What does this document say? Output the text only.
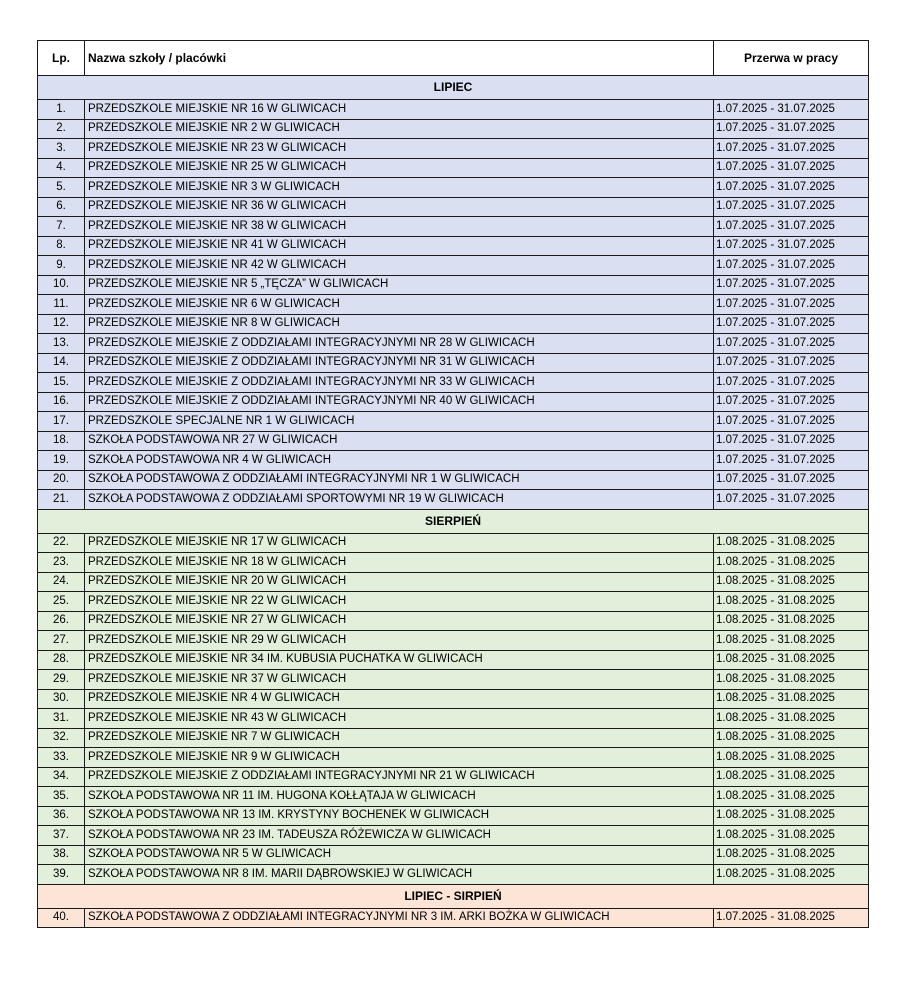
Lp.	Nazwa szkoły / placówki	Przerwa w pracy
LIPIEC		
1.	PRZEDSZKOLE MIEJSKIE NR 16 W GLIWICACH	1.07.2025 - 31.07.2025
2.	PRZEDSZKOLE MIEJSKIE NR 2 W GLIWICACH	1.07.2025 - 31.07.2025
3.	PRZEDSZKOLE MIEJSKIE NR 23 W GLIWICACH	1.07.2025 - 31.07.2025
4.	PRZEDSZKOLE MIEJSKIE NR 25 W GLIWICACH	1.07.2025 - 31.07.2025
5.	PRZEDSZKOLE MIEJSKIE NR 3 W GLIWICACH	1.07.2025 - 31.07.2025
6.	PRZEDSZKOLE MIEJSKIE NR 36 W GLIWICACH	1.07.2025 - 31.07.2025
7.	PRZEDSZKOLE MIEJSKIE NR 38 W GLIWICACH	1.07.2025 - 31.07.2025
8.	PRZEDSZKOLE MIEJSKIE NR 41 W GLIWICACH	1.07.2025 - 31.07.2025
9.	PRZEDSZKOLE MIEJSKIE NR 42 W GLIWICACH	1.07.2025 - 31.07.2025
10.	PRZEDSZKOLE MIEJSKIE NR 5 „TĘCZA” W GLIWICACH	1.07.2025 - 31.07.2025
11.	PRZEDSZKOLE MIEJSKIE NR 6 W GLIWICACH	1.07.2025 - 31.07.2025
12.	PRZEDSZKOLE MIEJSKIE NR 8 W GLIWICACH	1.07.2025 - 31.07.2025
13.	PRZEDSZKOLE MIEJSKIE Z ODDZIAŁAMI INTEGRACYJNYMI NR 28 W GLIWICACH	1.07.2025 - 31.07.2025
14.	PRZEDSZKOLE MIEJSKIE Z ODDZIAŁAMI INTEGRACYJNYMI NR 31 W GLIWICACH	1.07.2025 - 31.07.2025
15.	PRZEDSZKOLE MIEJSKIE Z ODDZIAŁAMI INTEGRACYJNYMI NR 33 W GLIWICACH	1.07.2025 - 31.07.2025
16.	PRZEDSZKOLE MIEJSKIE Z ODDZIAŁAMI INTEGRACYJNYMI NR 40 W GLIWICACH	1.07.2025 - 31.07.2025
17.	PRZEDSZKOLE SPECJALNE NR 1 W GLIWICACH	1.07.2025 - 31.07.2025
18.	SZKOŁA PODSTAWOWA NR 27 W GLIWICACH	1.07.2025 - 31.07.2025
19.	SZKOŁA PODSTAWOWA NR 4 W GLIWICACH	1.07.2025 - 31.07.2025
20.	SZKOŁA PODSTAWOWA Z ODDZIAŁAMI INTEGRACYJNYMI NR 1 W GLIWICACH	1.07.2025 - 31.07.2025
21.	SZKOŁA PODSTAWOWA Z ODDZIAŁAMI SPORTOWYMI NR 19 W GLIWICACH	1.07.2025 - 31.07.2025
SIERPIEŃ		
22.	PRZEDSZKOLE MIEJSKIE NR 17 W GLIWICACH	1.08.2025 - 31.08.2025
23.	PRZEDSZKOLE MIEJSKIE NR 18 W GLIWICACH	1.08.2025 - 31.08.2025
24.	PRZEDSZKOLE MIEJSKIE NR 20 W GLIWICACH	1.08.2025 - 31.08.2025
25.	PRZEDSZKOLE MIEJSKIE NR 22 W GLIWICACH	1.08.2025 - 31.08.2025
26.	PRZEDSZKOLE MIEJSKIE NR 27 W GLIWICACH	1.08.2025 - 31.08.2025
27.	PRZEDSZKOLE MIEJSKIE NR 29 W GLIWICACH	1.08.2025 - 31.08.2025
28.	PRZEDSZKOLE MIEJSKIE NR 34 IM. KUBUSIA PUCHATKA W GLIWICACH	1.08.2025 - 31.08.2025
29.	PRZEDSZKOLE MIEJSKIE NR 37 W GLIWICACH	1.08.2025 - 31.08.2025
30.	PRZEDSZKOLE MIEJSKIE NR 4 W GLIWICACH	1.08.2025 - 31.08.2025
31.	PRZEDSZKOLE MIEJSKIE NR 43 W GLIWICACH	1.08.2025 - 31.08.2025
32.	PRZEDSZKOLE MIEJSKIE NR 7 W GLIWICACH	1.08.2025 - 31.08.2025
33.	PRZEDSZKOLE MIEJSKIE NR 9 W GLIWICACH	1.08.2025 - 31.08.2025
34.	PRZEDSZKOLE MIEJSKIE Z ODDZIAŁAMI INTEGRACYJNYMI NR 21 W GLIWICACH	1.08.2025 - 31.08.2025
35.	SZKOŁA PODSTAWOWA NR 11 IM. HUGONA KOŁŁĄTAJA W GLIWICACH	1.08.2025 - 31.08.2025
36.	SZKOŁA PODSTAWOWA NR 13 IM. KRYSTYNY BOCHENEK W GLIWICACH	1.08.2025 - 31.08.2025
37.	SZKOŁA PODSTAWOWA NR 23 IM. TADEUSZA RÓŻEWICZA W GLIWICACH	1.08.2025 - 31.08.2025
38.	SZKOŁA PODSTAWOWA NR 5 W GLIWICACH	1.08.2025 - 31.08.2025
39.	SZKOŁA PODSTAWOWA NR 8 IM. MARII DĄBROWSKIEJ W GLIWICACH	1.08.2025 - 31.08.2025
LIPIEC - SIRPIEŃ		
40.	SZKOŁA PODSTAWOWA Z ODDZIAŁAMI INTEGRACYJNYMI NR 3 IM. ARKI BOŻKA W GLIWICACH	1.07.2025 - 31.08.2025
